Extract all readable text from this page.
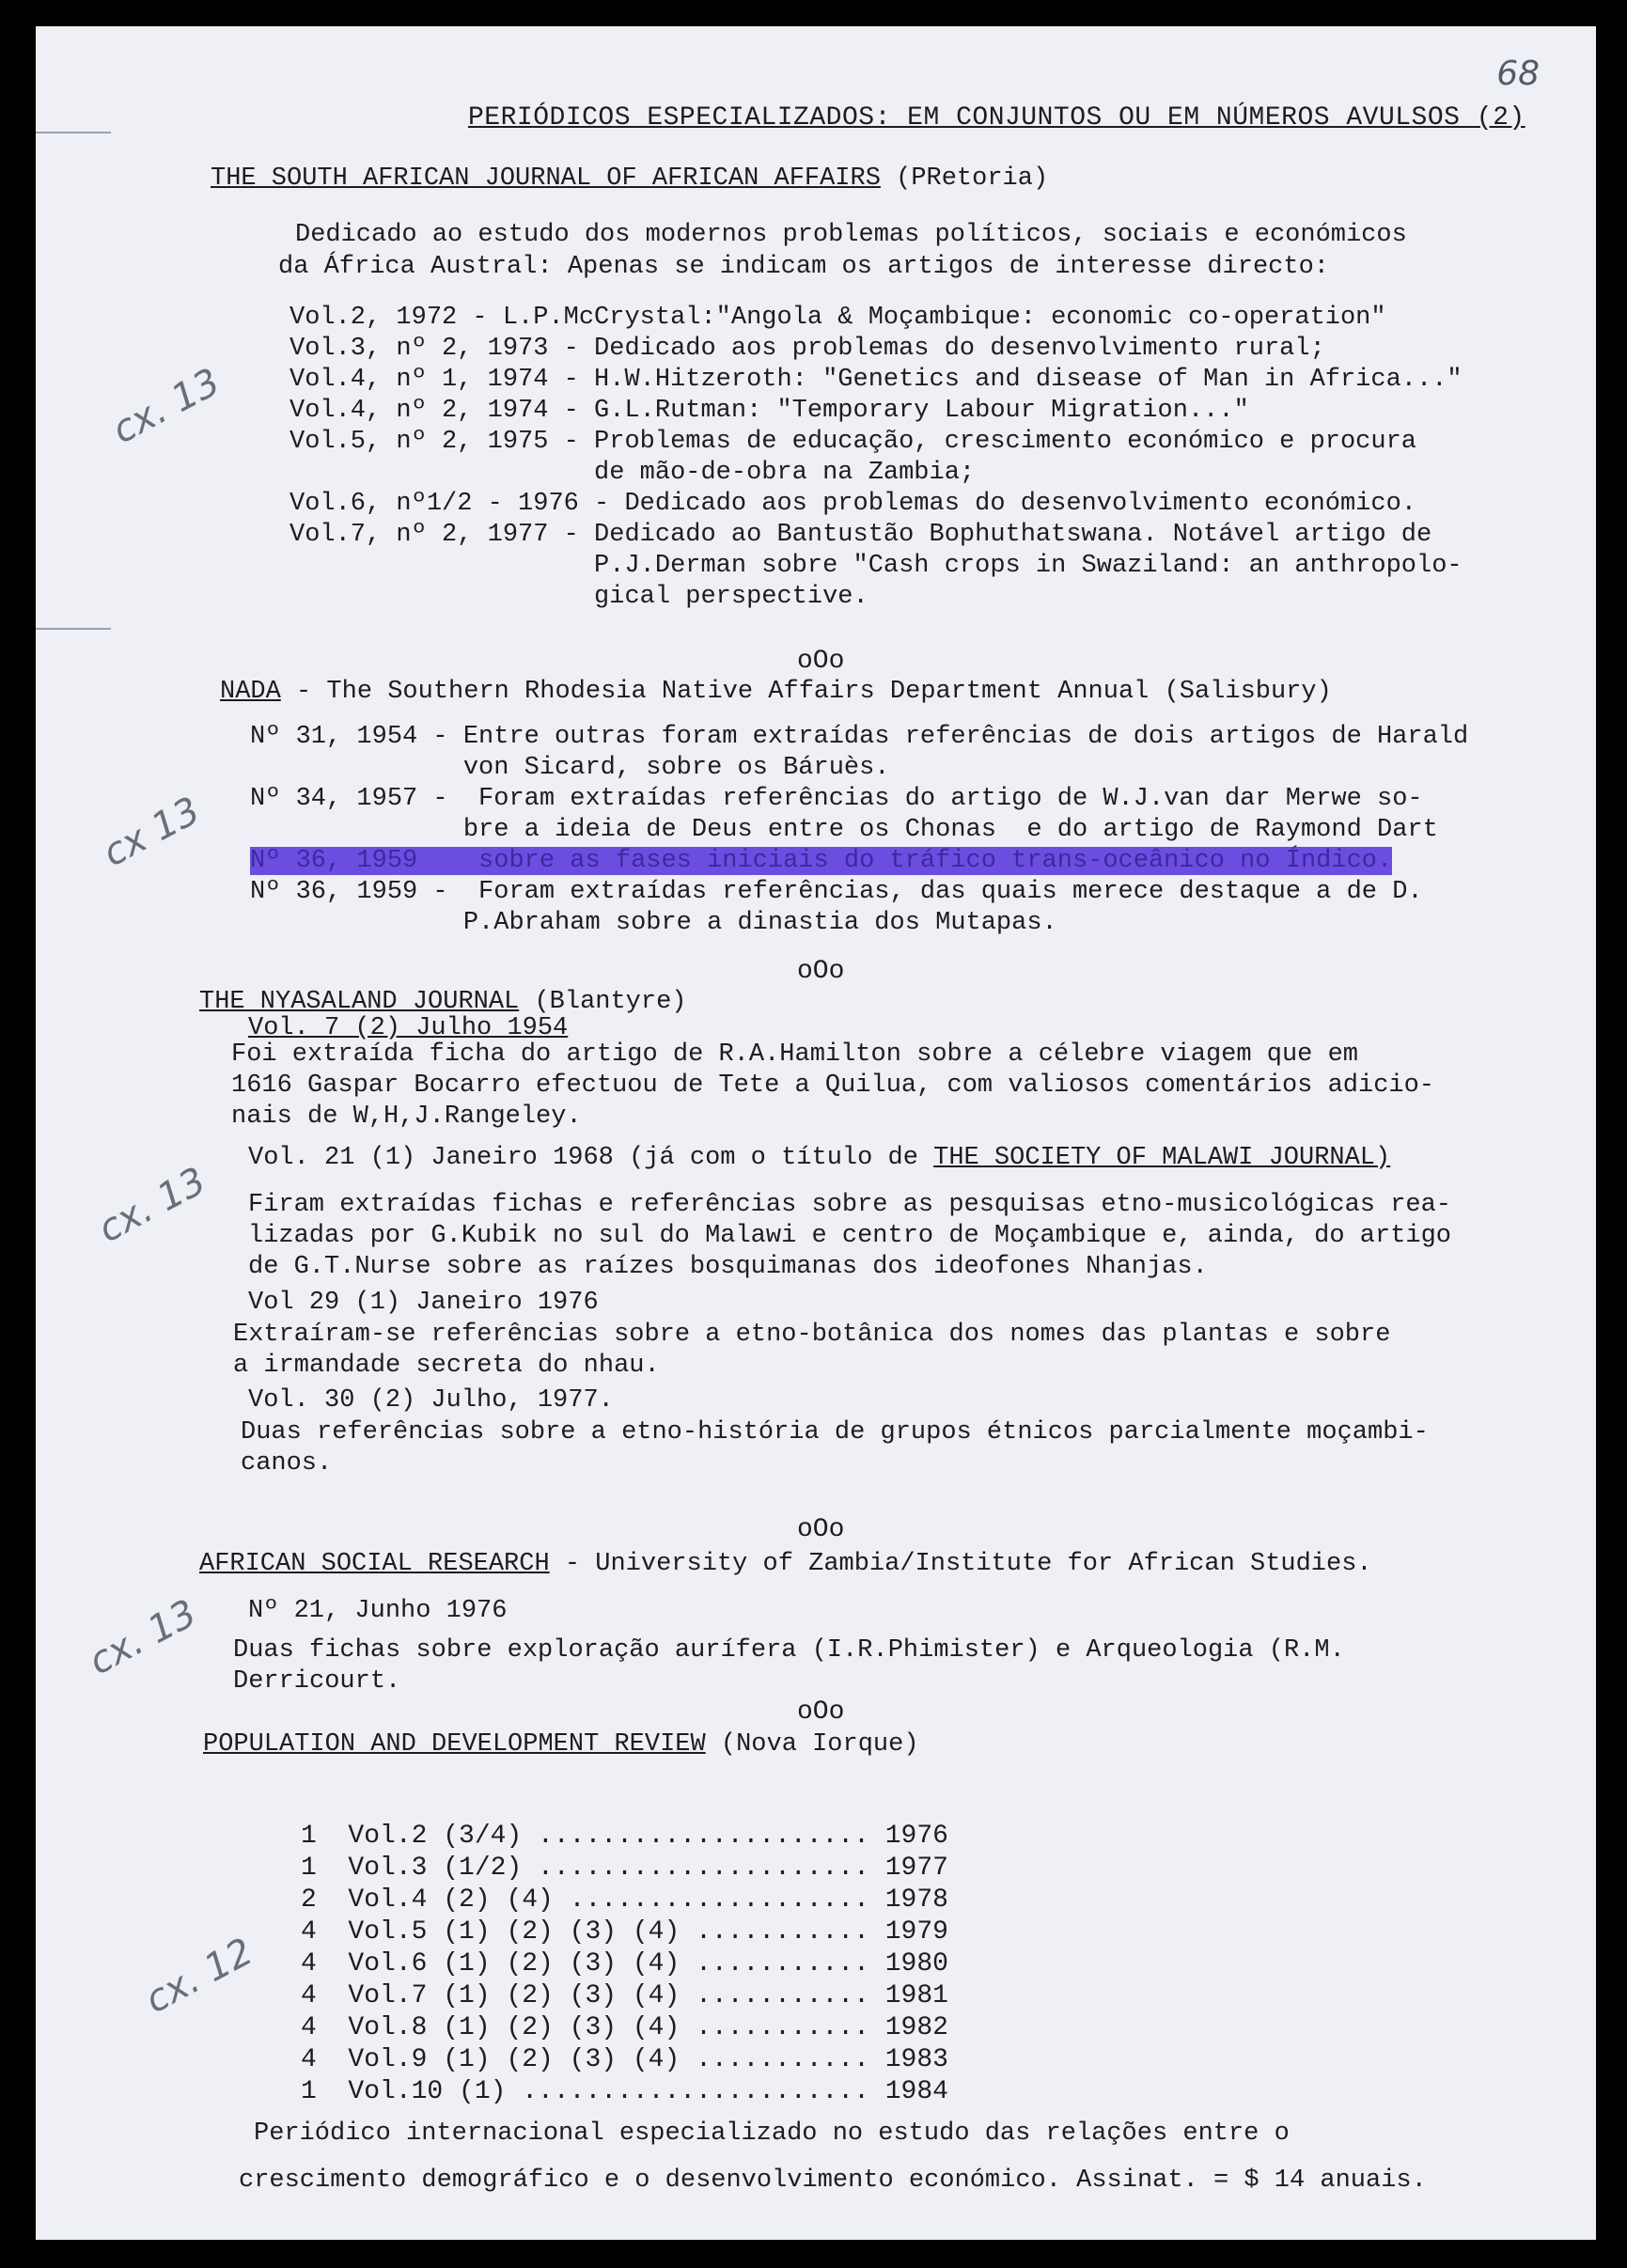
68
PERIÓDICOS ESPECIALIZADOS: EM CONJUNTOS OU EM NÚMEROS AVULSOS (2)
cx. 13
cx 13
cx. 13
cx. 13
cx. 12
THE SOUTH AFRICAN JOURNAL OF AFRICAN AFFAIRS (PRetoria)
Dedicado ao estudo dos modernos problemas políticos, sociais e económicos
da África Austral: Apenas se indicam os artigos de interesse directo:
Vol.2, 1972 - L.P.McCrystal:"Angola & Moçambique: economic co-operation"
Vol.3, nº 2, 1973 - Dedicado aos problemas do desenvolvimento rural;
Vol.4, nº 1, 1974 - H.W.Hitzeroth: "Genetics and disease of Man in Africa..."
Vol.4, nº 2, 1974 - G.L.Rutman: "Temporary Labour Migration..."
Vol.5, nº 2, 1975 - Problemas de educação, crescimento económico e procura
de mão-de-obra na Zambia;
Vol.6, nº1/2 - 1976 - Dedicado aos problemas do desenvolvimento económico.
Vol.7, nº 2, 1977 - Dedicado ao Bantustão Bophuthatswana. Notável artigo de
P.J.Derman sobre "Cash crops in Swaziland: an anthropolo-
gical perspective.
oOo
NADA - The Southern Rhodesia Native Affairs Department Annual (Salisbury)
Nº 31, 1954 - Entre outras foram extraídas referências de dois artigos de Harald
von Sicard, sobre os Báruès.
Nº 34, 1957 -  Foram extraídas referências do artigo de W.J.van dar Merwe so-
bre a ideia de Deus entre os Chonas  e do artigo de Raymond Dart
Nº 36, 1959    sobre as fases iniciais do tráfico trans-oceânico no Índico.
Nº 36, 1959 -  Foram extraídas referências, das quais merece destaque a de D.
P.Abraham sobre a dinastia dos Mutapas.
oOo
THE NYASALAND JOURNAL (Blantyre)
Vol. 7 (2) Julho 1954
Foi extraída ficha do artigo de R.A.Hamilton sobre a célebre viagem que em
1616 Gaspar Bocarro efectuou de Tete a Quilua, com valiosos comentários adicio-
nais de W,H,J.Rangeley.
Vol. 21 (1) Janeiro 1968 (já com o título de THE SOCIETY OF MALAWI JOURNAL)
Firam extraídas fichas e referências sobre as pesquisas etno-musicológicas rea-
lizadas por G.Kubik no sul do Malawi e centro de Moçambique e, ainda, do artigo
de G.T.Nurse sobre as raízes bosquimanas dos ideofones Nhanjas.
Vol 29 (1) Janeiro 1976
Extraíram-se referências sobre a etno-botânica dos nomes das plantas e sobre
a irmandade secreta do nhau.
Vol. 30 (2) Julho, 1977.
Duas referências sobre a etno-história de grupos étnicos parcialmente moçambi-
canos.
oOo
AFRICAN SOCIAL RESEARCH - University of Zambia/Institute for African Studies.
Nº 21, Junho 1976
Duas fichas sobre exploração aurífera (I.R.Phimister) e Arqueologia (R.M.
Derricourt.
oOo
POPULATION AND DEVELOPMENT REVIEW (Nova Iorque)
1 Vol.2 (3/4) ..................... 1976
1 Vol.3 (1/2) ..................... 1977
2 Vol.4 (2) (4) ................... 1978
4 Vol.5 (1) (2) (3) (4) ........... 1979
4 Vol.6 (1) (2) (3) (4) ........... 1980
4 Vol.7 (1) (2) (3) (4) ........... 1981
4 Vol.8 (1) (2) (3) (4) ........... 1982
4 Vol.9 (1) (2) (3) (4) ........... 1983
1 Vol.10 (1) ...................... 1984
Periódico internacional especializado no estudo das relações entre o
crescimento demográfico e o desenvolvimento económico. Assinat. = $ 14 anuais.
